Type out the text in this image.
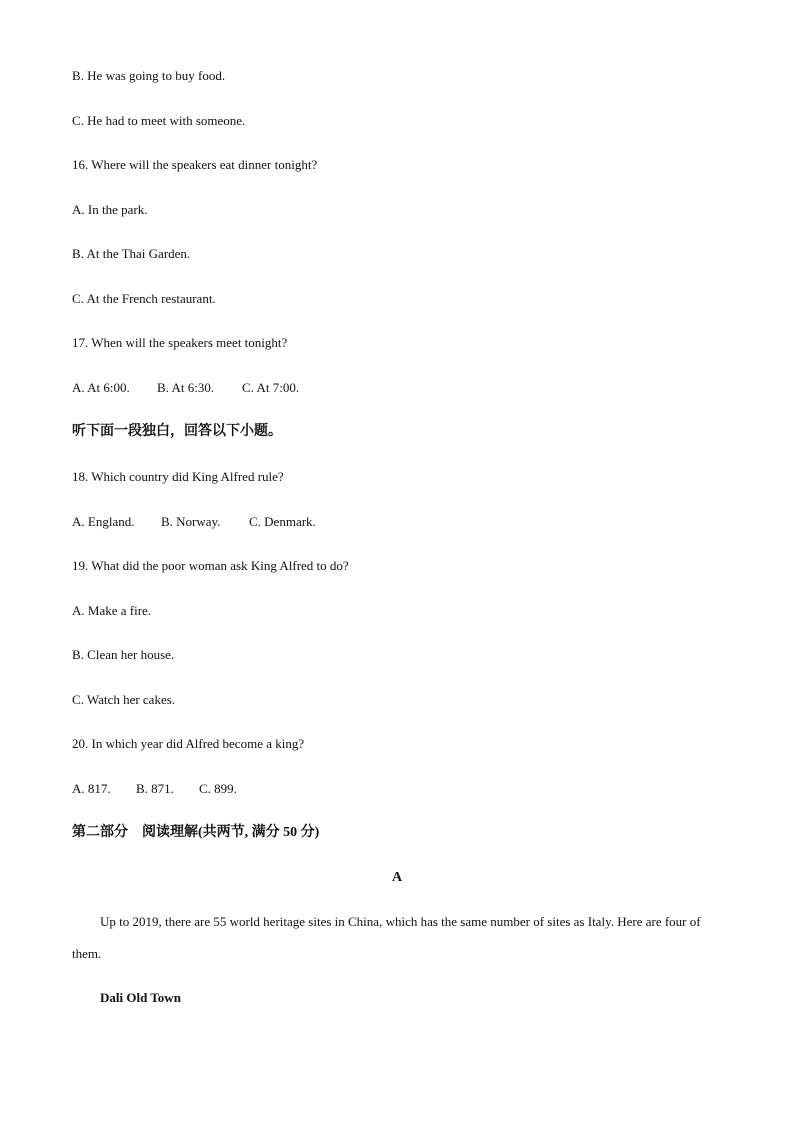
B. He was going to buy food.
C. He had to meet with someone.
16. Where will the speakers eat dinner tonight?
A. In the park.
B. At the Thai Garden.
C. At the French restaurant.
17. When will the speakers meet tonight?
A. At 6:00. B. At 6:30. C. At 7:00.
听下面一段独白，回答以下小题。
18. Which country did King Alfred rule?
A. England. B. Norway. C. Denmark.
19. What did the poor woman ask King Alfred to do?
A. Make a fire.
B. Clean her house.
C. Watch her cakes.
20. In which year did Alfred become a king?
A. 817. B. 871. C. 899.
第二部分　阅读理解(共两节, 满分 50 分)
A
Up to 2019, there are 55 world heritage sites in China, which has the same number of sites as Italy. Here are four of them.
Dali Old Town
